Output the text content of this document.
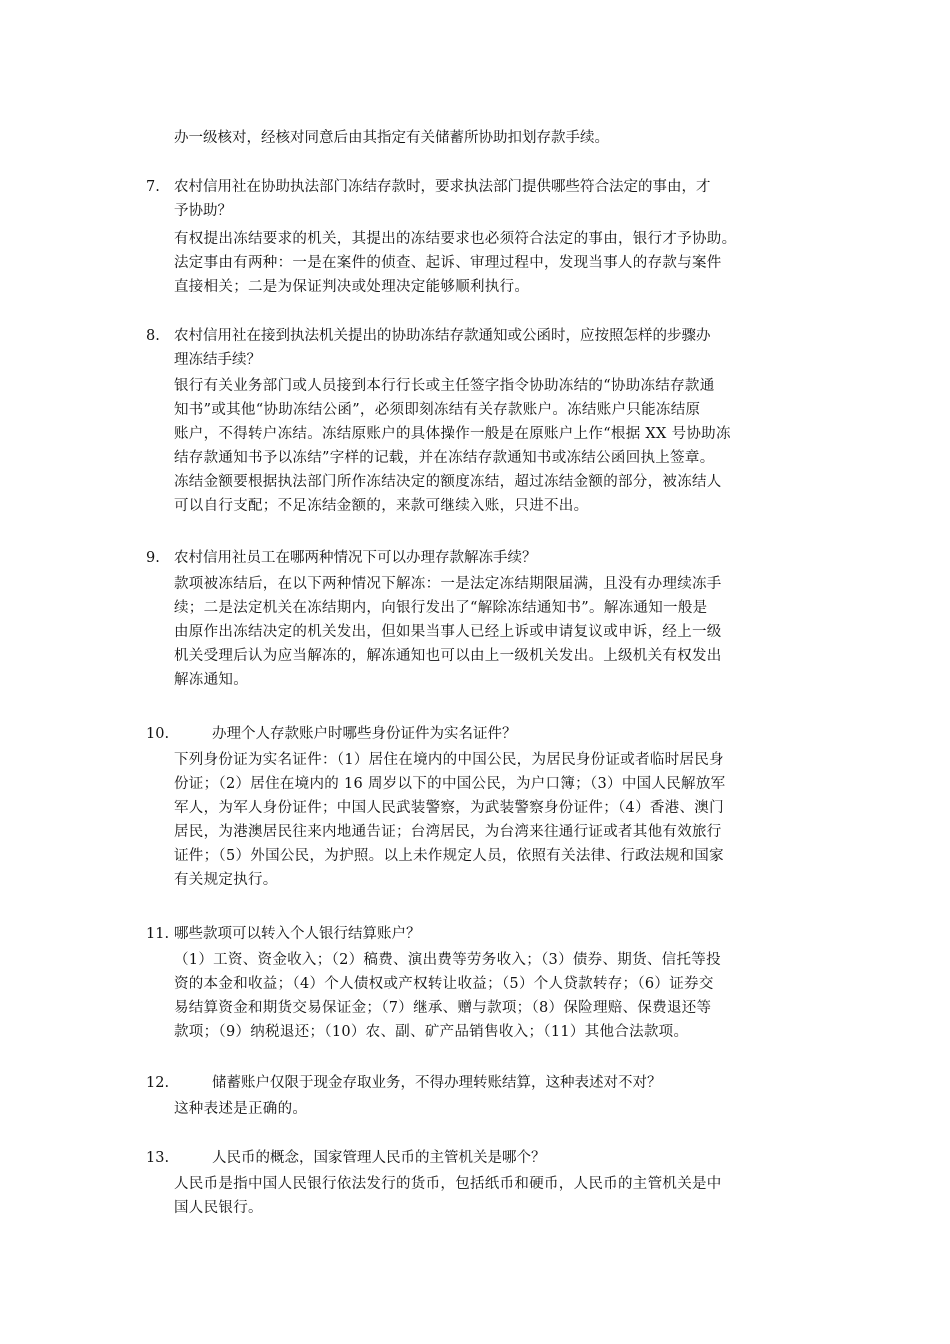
办一级核对，经核对同意后由其指定有关储蓄所协助扣划存款手续。
7. 农村信用社在协助执法部门冻结存款时，要求执法部门提供哪些符合法定的事由，才
予协助？
有权提出冻结要求的机关，其提出的冻结要求也必须符合法定的事由，银行才予协助。
法定事由有两种：一是在案件的侦查、起诉、审理过程中，发现当事人的存款与案件
直接相关；二是为保证判决或处理决定能够顺利执行。
8. 农村信用社在接到执法机关提出的协助冻结存款通知或公函时，应按照怎样的步骤办
理冻结手续？
银行有关业务部门或人员接到本行行长或主任签字指令协助冻结的“协助冻结存款通
知书”或其他“协助冻结公函”，必须即刻冻结有关存款账户。冻结账户只能冻结原
账户，不得转户冻结。冻结原账户的具体操作一般是在原账户上作“根据 XX 号协助冻
结存款通知书予以冻结”字样的记载，并在冻结存款通知书或冻结公函回执上签章。
冻结金额要根据执法部门所作冻结决定的额度冻结，超过冻结金额的部分，被冻结人
可以自行支配；不足冻结金额的，来款可继续入账，只进不出。
9. 农村信用社员工在哪两种情况下可以办理存款解冻手续？
款项被冻结后，在以下两种情况下解冻：一是法定冻结期限届满，且没有办理续冻手
续；二是法定机关在冻结期内，向银行发出了“解除冻结通知书”。解冻通知一般是
由原作出冻结决定的机关发出，但如果当事人已经上诉或申请复议或申诉，经上一级
机关受理后认为应当解冻的，解冻通知也可以由上一级机关发出。上级机关有权发出
解冻通知。
10.	办理个人存款账户时哪些身份证件为实名证件？
下列身份证为实名证件：（1）居住在境内的中国公民，为居民身份证或者临时居民身
份证；（2）居住在境内的 16 周岁以下的中国公民，为户口簿；（3）中国人民解放军
军人，为军人身份证件；中国人民武装警察，为武装警察身份证件；（4）香港、澳门
居民，为港澳居民往来内地通告证；台湾居民，为台湾来往通行证或者其他有效旅行
证件；（5）外国公民，为护照。以上未作规定人员，依照有关法律、行政法规和国家
有关规定执行。
11. 哪些款项可以转入个人银行结算账户？
（1）工资、资金收入；（2）稿费、演出费等劳务收入；（3）债券、期货、信托等投
资的本金和收益；（4）个人债权或产权转让收益；（5）个人贷款转存；（6）证券交
易结算资金和期货交易保证金；（7）继承、赠与款项；（8）保险理赔、保费退还等
款项；（9）纳税退还；（10）农、副、矿产品销售收入；（11）其他合法款项。
12.	储蓄账户仅限于现金存取业务，不得办理转账结算，这种表述对不对？
这种表述是正确的。
13.	人民币的概念，国家管理人民币的主管机关是哪个？
人民币是指中国人民银行依法发行的货币，包括纸币和硬币，人民币的主管机关是中
国人民银行。
